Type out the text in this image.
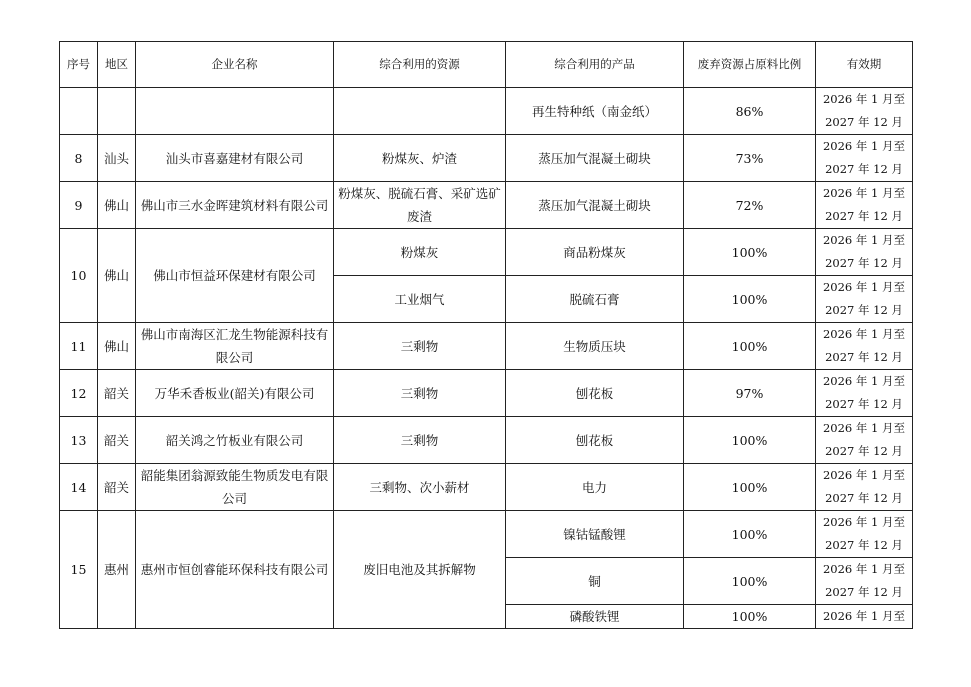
序号	地区	企业名称	综合利用的资源	综合利用的产品	废弃资源占原料比例	有效期
				再生特种纸（南金纸）	86%	2026 年 1 月至
2027 年 12 月

8	汕头	汕头市喜嘉建材有限公司	粉煤灰、炉渣	蒸压加气混凝土砌块	73%	2026 年 1 月至
2027 年 12 月

9	佛山	佛山市三水金晖建筑材料有限公司	粉煤灰、脱硫石膏、采矿选矿废渣	蒸压加气混凝土砌块	72%	2026 年 1 月至
2027 年 12 月

10	佛山	佛山市恒益环保建材有限公司	粉煤灰	商品粉煤灰	100%	2026 年 1 月至
2027 年 12 月

			工业烟气	脱硫石膏	100%	2026 年 1 月至
2027 年 12 月

11	佛山	佛山市南海区汇龙生物能源科技有限公司	三剩物	生物质压块	100%	2026 年 1 月至
2027 年 12 月

12	韶关	万华禾香板业(韶关)有限公司	三剩物	刨花板	97%	2026 年 1 月至
2027 年 12 月

13	韶关	韶关鸿之竹板业有限公司	三剩物	刨花板	100%	2026 年 1 月至
2027 年 12 月

14	韶关	韶能集团翁源致能生物质发电有限公司	三剩物、次小薪材	电力	100%	2026 年 1 月至
2027 年 12 月

15	惠州	惠州市恒创睿能环保科技有限公司	废旧电池及其拆解物	镍钴锰酸锂	100%	2026 年 1 月至
2027 年 12 月

				铜	100%	2026 年 1 月至
2027 年 12 月

				磷酸铁锂	100%	2026 年 1 月至
